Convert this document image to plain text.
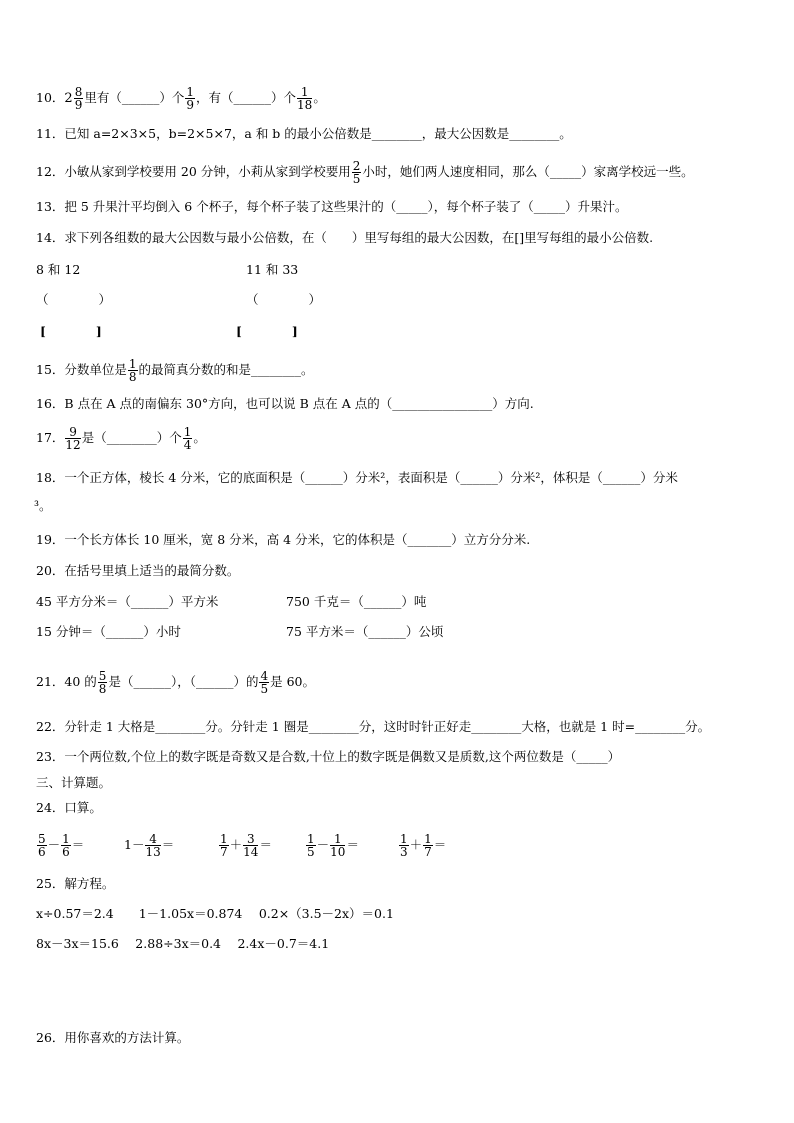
10．$2 \frac{8}{9}$ 里有（______）个 $\frac{1}{9}$ ，有（______）个 $\frac{1}{18}$ 。
11．已知 a=2×3×5，b=2×5×7，a 和 b 的最小公倍数是________，最大公因数是________。
12．小敏从家到学校要用 20 分钟，小莉从家到学校要用 $\frac{2}{5}$ 小时，她们两人速度相同，那么（_____）家离学校远一些。
13．把 5 升果汁平均倒入 6 个杯子，每个杯子装了这些果汁的（_____），每个杯子装了（_____）升果汁。
14．求下列各组数的最大公因数与最小公倍数，在（　　）里写每组的最大公因数，在[]里写每组的最小公倍数.
8 和 12	11 和 33
（　　　　）	（　　　　）
[　　　　]	[　　　　]
15．分数单位是 $\frac{1}{8}$ 的最简真分数的和是________。
16．B 点在 A 点的南偏东 30°方向，也可以说 B 点在 A 点的（________________）方向.
17． $\frac{9}{12}$ 是（________）个 $\frac{1}{4}$ 。
18．一个正方体，棱长 4 分米，它的底面积是（______）分米²，表面积是（______）分米²，体积是（______）分米
³。
19．一个长方体长 10 厘米，宽 8 分米，高 4 分米，它的体积是（_______）立方分分米.
20．在括号里填上适当的最简分数。
45 平方分米＝（______）平方米	750 千克＝（______）吨
15 分钟＝（______）小时	75 平方米＝（______）公顷
21．40 的 $\frac{5}{8}$ 是（______），（______）的 $\frac{4}{5}$ 是 60。
22．分针走 1 大格是________分。分针走 1 圈是________分，这时时针正好走________大格，也就是 1 时=________分。
23．一个两位数,个位上的数字既是奇数又是合数,十位上的数字既是偶数又是质数,这个两位数是（_____）
三、计算题。
24．口算。
$\frac{5}{6} - \frac{1}{6}$ ＝	$1- \frac{4}{13}$ ＝	$\frac{1}{7} + \frac{3}{14}$ ＝	$\frac{1}{5} - \frac{1}{10}$ ＝	$\frac{1}{3} + \frac{1}{7}$ ＝
25．解方程。
x÷0.57＝2.4　　1－1.05x＝0.874　 0.2×（3.5－2x）＝0.1
8x－3x＝15.6　 2.88÷3x＝0.4　 2.4x－0.7＝4.1
26．用你喜欢的方法计算。
